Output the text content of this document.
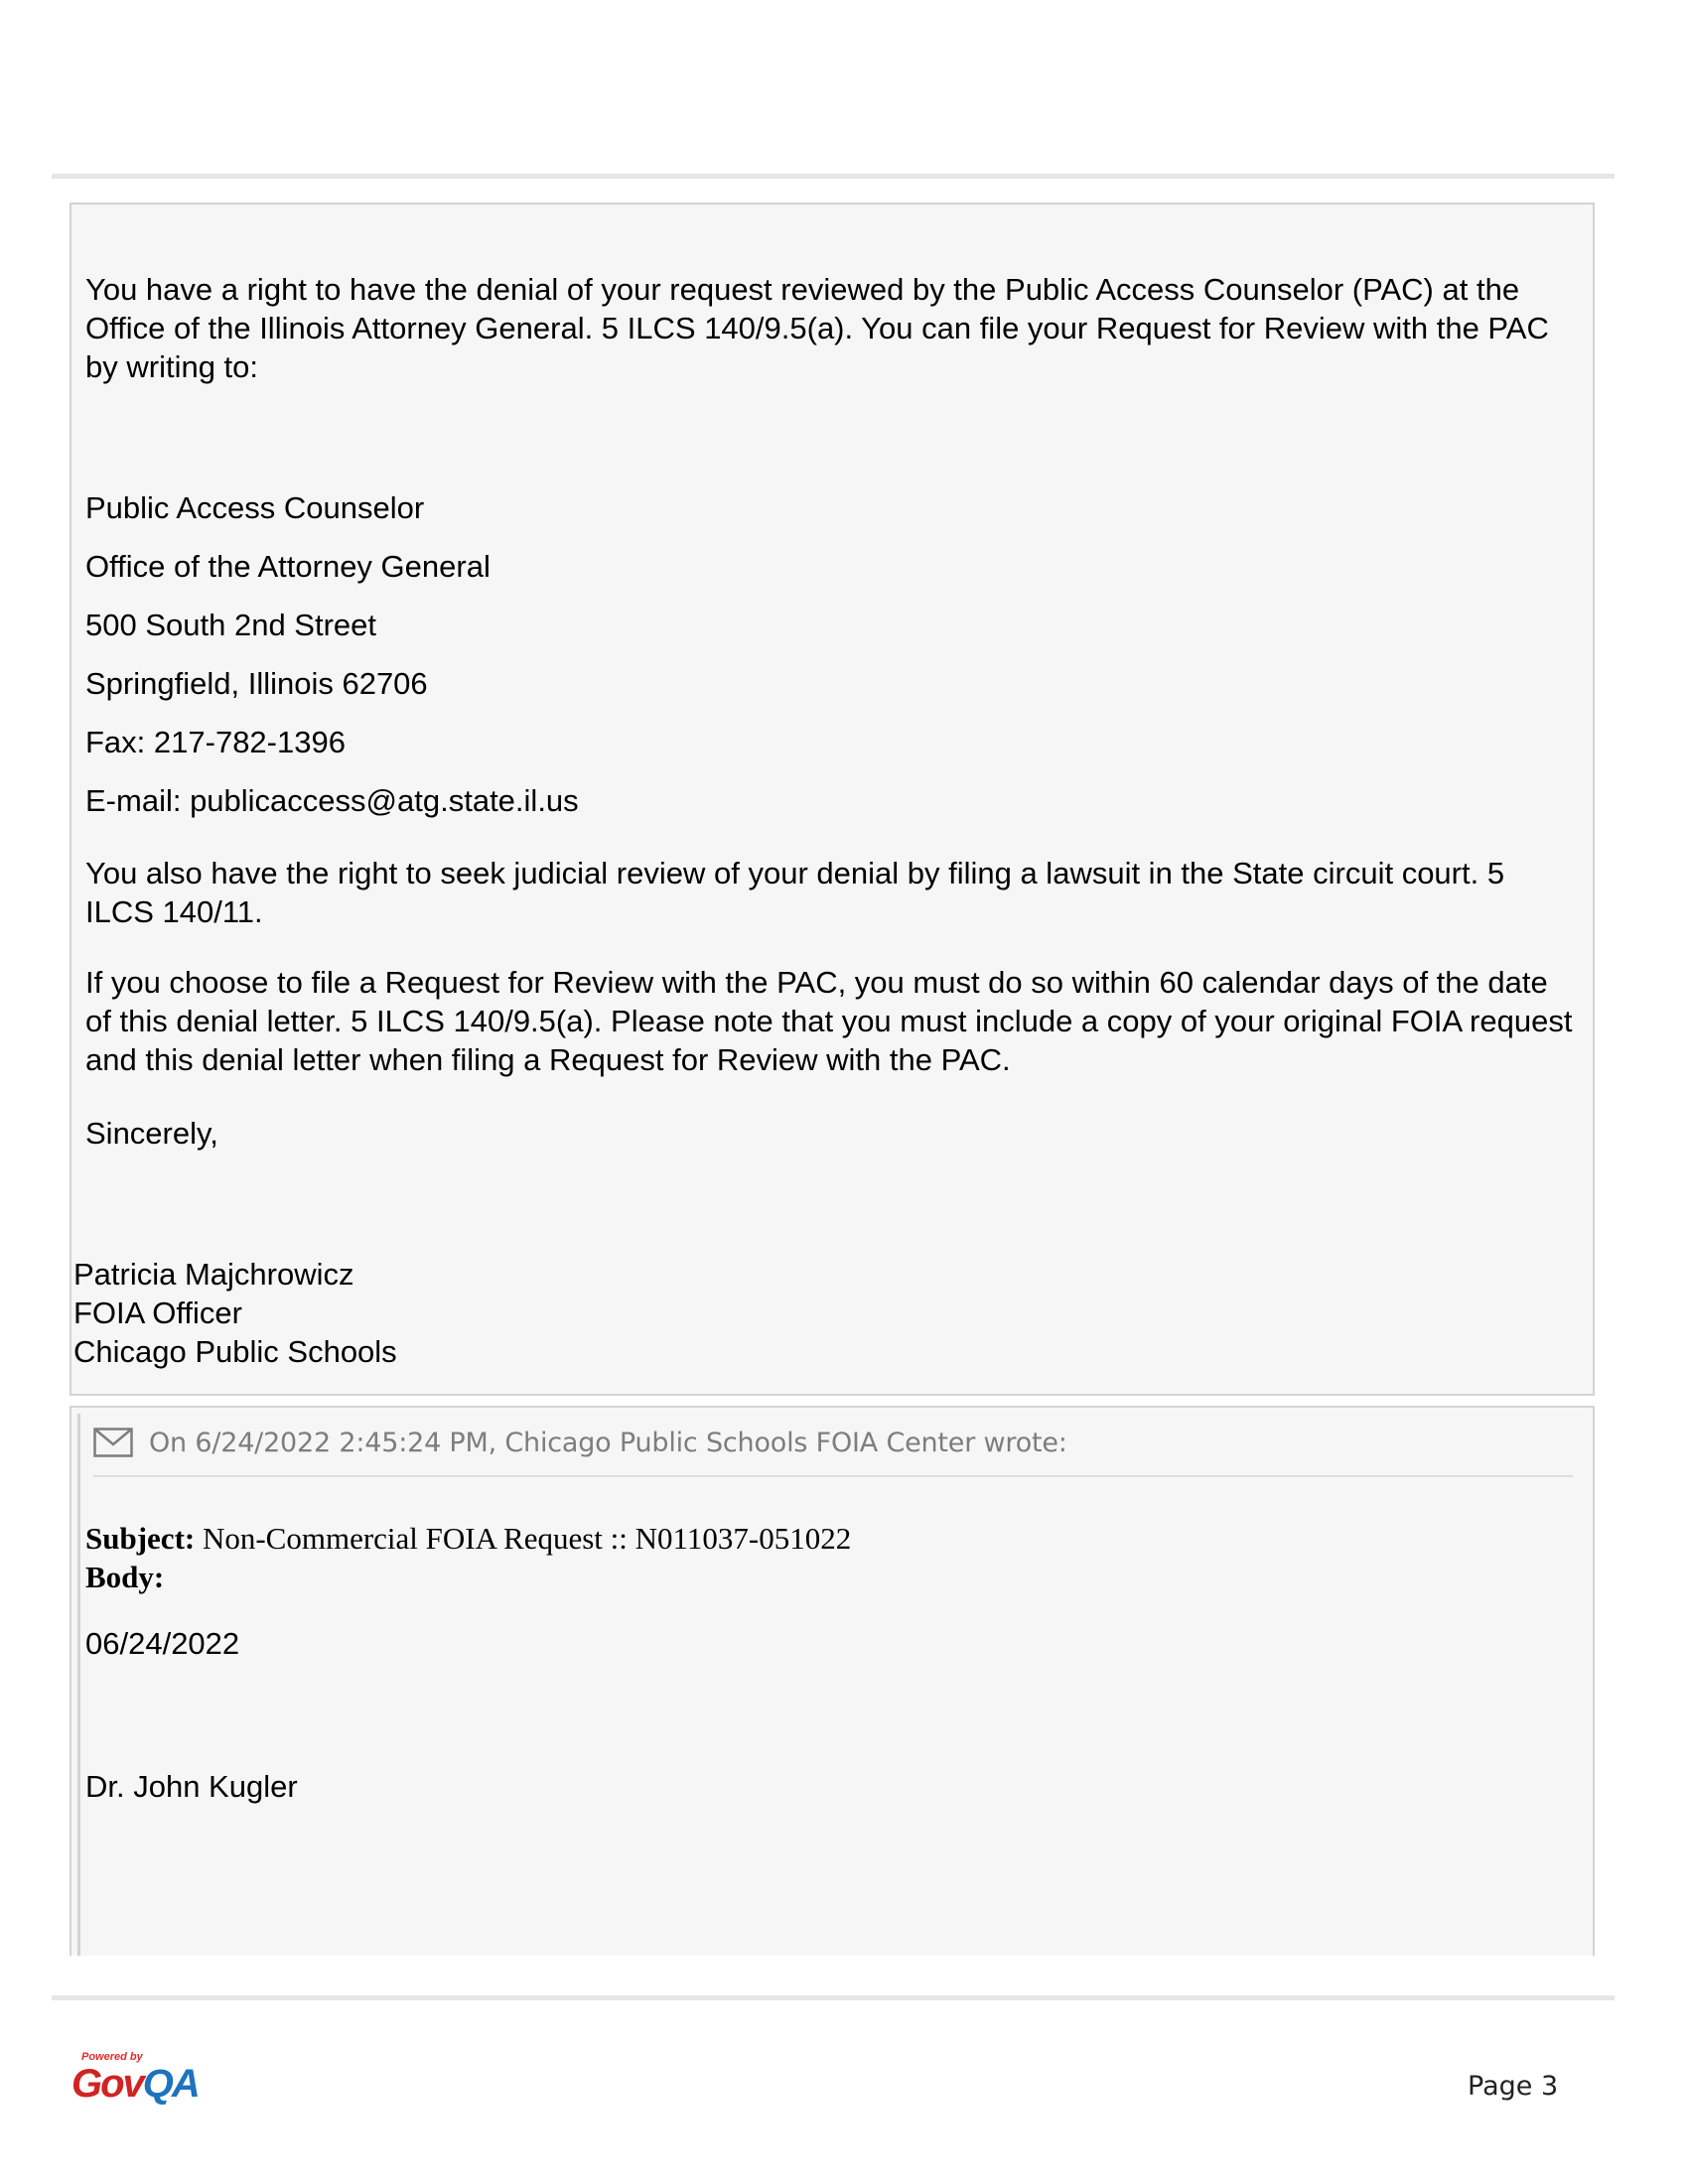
You have a right to have the denial of your request reviewed by the Public Access Counselor (PAC) at the Office of the Illinois Attorney General. 5 ILCS 140/9.5(a). You can file your Request for Review with the PAC by writing to:
Public Access Counselor
Office of the Attorney General
500 South 2nd Street
Springfield, Illinois 62706
Fax: 217-782-1396
E-mail: publicaccess@atg.state.il.us
You also have the right to seek judicial review of your denial by filing a lawsuit in the State circuit court. 5 ILCS 140/11.
If you choose to file a Request for Review with the PAC, you must do so within 60 calendar days of the date of this denial letter. 5 ILCS 140/9.5(a). Please note that you must include a copy of your original FOIA request and this denial letter when filing a Request for Review with the PAC.
Sincerely,
Patricia Majchrowicz
FOIA Officer
Chicago Public Schools
On 6/24/2022 2:45:24 PM, Chicago Public Schools FOIA Center wrote:
Subject: Non-Commercial FOIA Request :: N011037-051022
Body:
06/24/2022
Dr. John Kugler
Powered by
GovQA	Page 3
